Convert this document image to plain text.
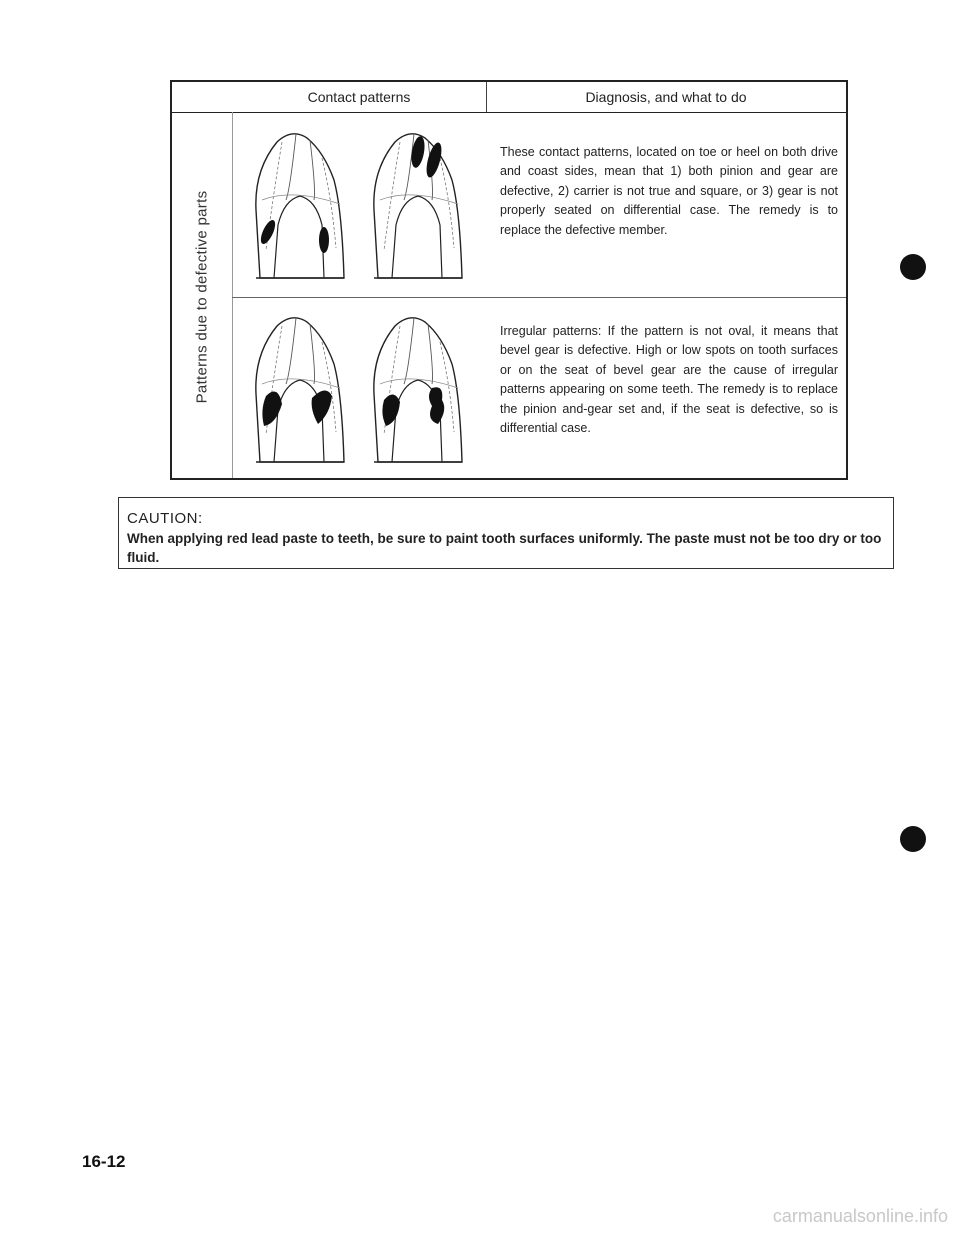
Contact patterns	Diagnosis, and what to do
Patterns due to defective parts
These contact patterns, located on toe or heel on both drive and coast sides, mean that 1) both pinion and gear are defective, 2) carrier is not true and square, or 3) gear is not properly seated on differential case. The remedy is to replace the defective member.
Irregular patterns: If the pattern is not oval, it means that bevel gear is defective. High or low spots on tooth surfaces or on the seat of bevel gear are the cause of irregular patterns appearing on some teeth. The remedy is to replace the pinion and-gear set and, if the seat is defective, so is differential case.
CAUTION:
When applying red lead paste to teeth, be sure to paint tooth surfaces uniformly. The paste must not be too dry or too fluid.
16-12
carmanualsonline.info
